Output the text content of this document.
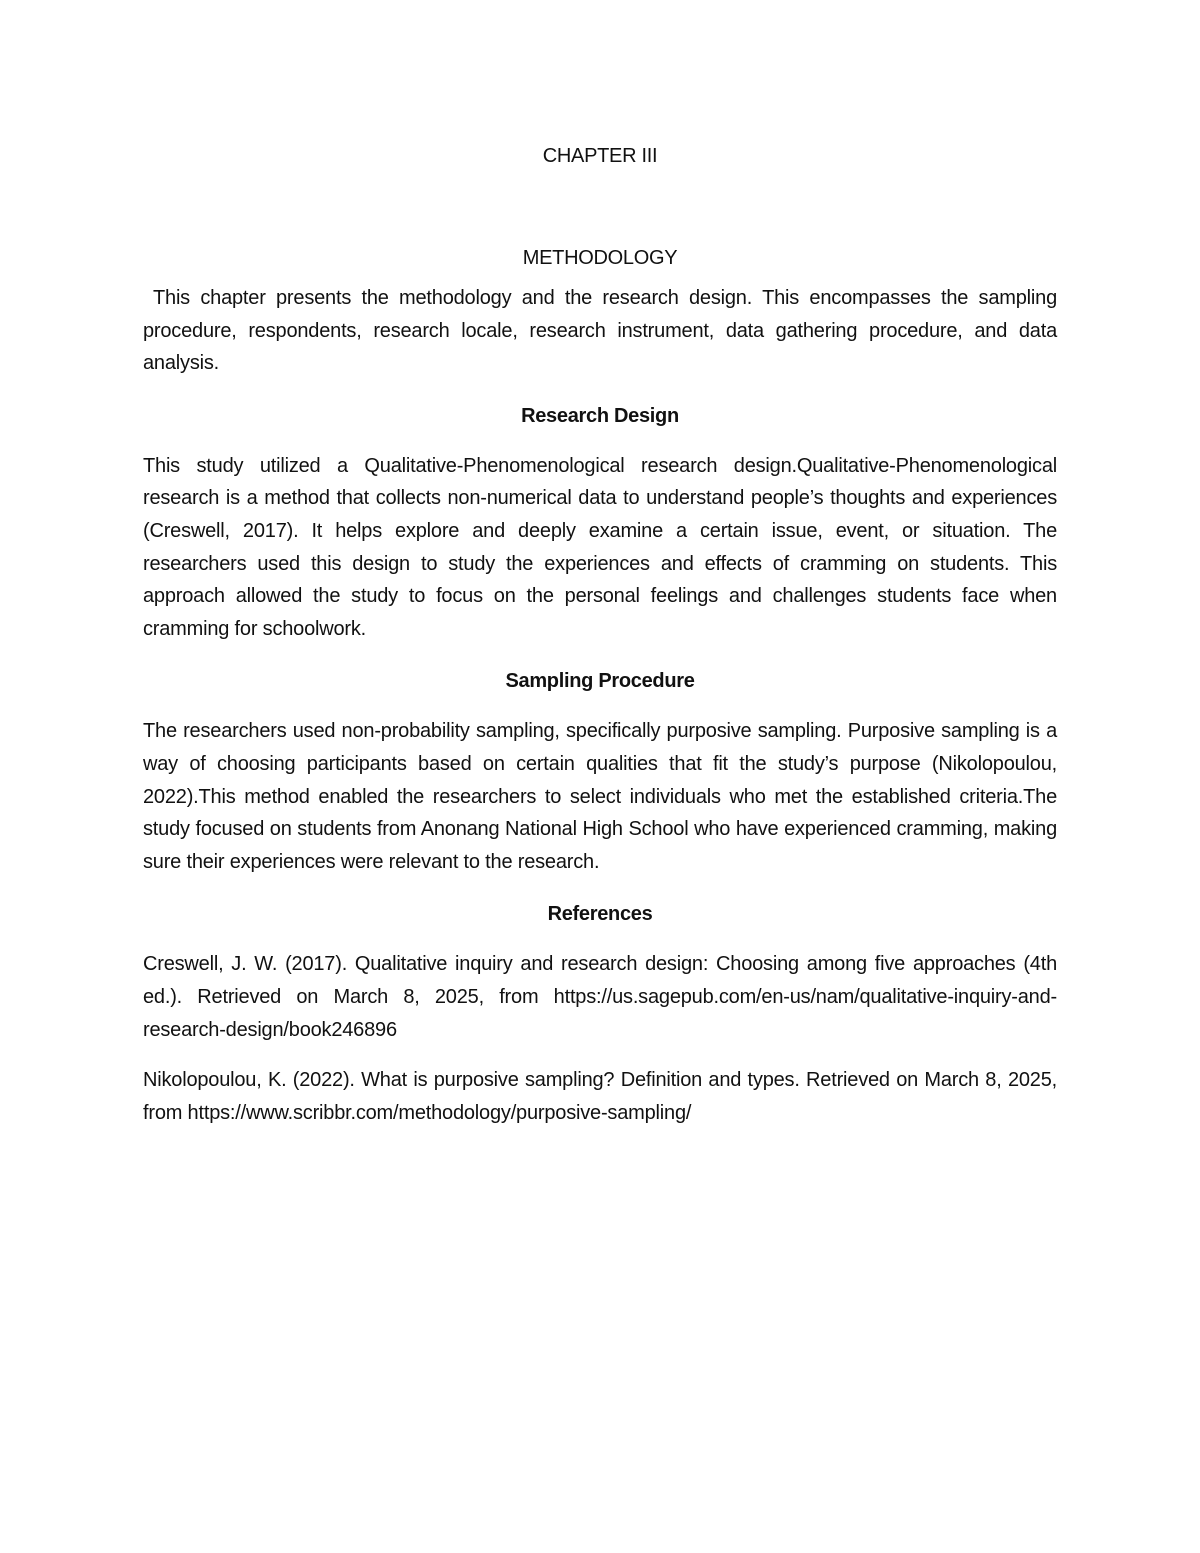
CHAPTER III
METHODOLOGY

This chapter presents the methodology and the research design. This encompasses the sampling procedure, respondents, research locale, research instrument, data gathering procedure, and data analysis.

Research Design

This study utilized a Qualitative-Phenomenological research design.Qualitative-Phenomenological research is a method that collects non-numerical data to understand people’s thoughts and experiences (Creswell, 2017). It helps explore and deeply examine a certain issue, event, or situation. The researchers used this design to study the experiences and effects of cramming on students. This approach allowed the study to focus on the personal feelings and challenges students face when cramming for schoolwork.

Sampling Procedure

The researchers used non-probability sampling, specifically purposive sampling. Purposive sampling is a way of choosing participants based on certain qualities that fit the study’s purpose (Nikolopoulou, 2022).This method enabled the researchers to select individuals who met the established criteria.The study focused on students from Anonang National High School who have experienced cramming, making sure their experiences were relevant to the research.

References

Creswell, J. W. (2017). Qualitative inquiry and research design: Choosing among five approaches (4th ed.). Retrieved on March 8, 2025, from https://us.sagepub.com/en-us/nam/qualitative-inquiry-and-research-design/book246896

Nikolopoulou, K. (2022). What is purposive sampling? Definition and types. Retrieved on March 8, 2025, from https://www.scribbr.com/methodology/purposive-sampling/
